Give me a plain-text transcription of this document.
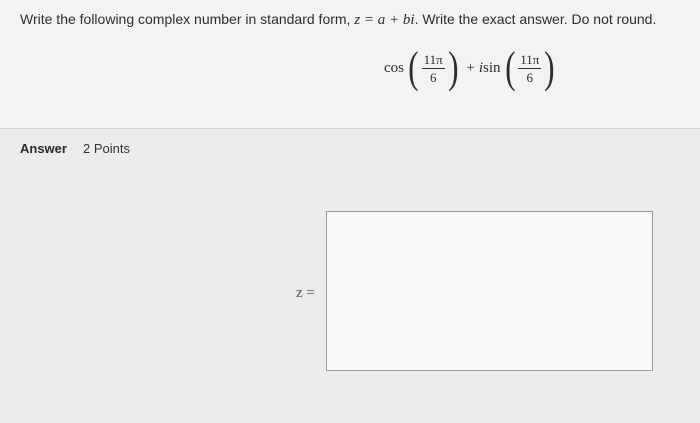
Write the following complex number in standard form, z = a + bi. Write the exact answer. Do not round.
cos ( $\frac{11\pi}{6}$ ) + i sin ( $\frac{11\pi}{6}$ )
Answer 2 Points
z =
